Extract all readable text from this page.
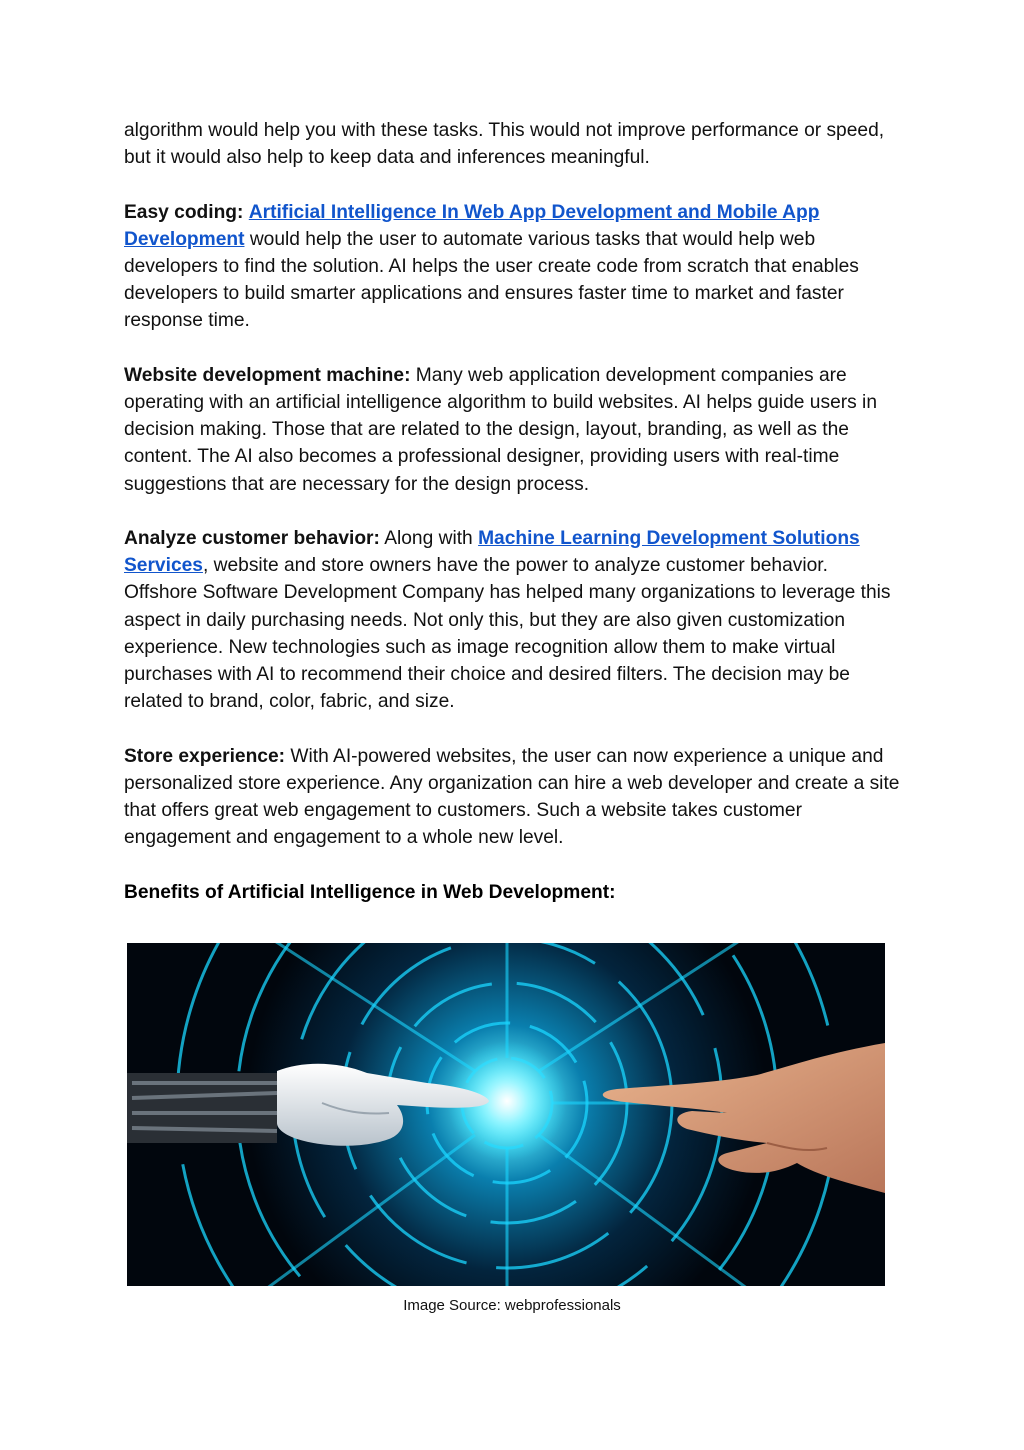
algorithm would help you with these tasks. This would not improve performance or speed, but it would also help to keep data and inferences meaningful.

Easy coding: Artificial Intelligence In Web App Development and Mobile App Development would help the user to automate various tasks that would help web developers to find the solution. AI helps the user create code from scratch that enables developers to build smarter applications and ensures faster time to market and faster response time.

Website development machine: Many web application development companies are operating with an artificial intelligence algorithm to build websites. AI helps guide users in decision making. Those that are related to the design, layout, branding, as well as the content. The AI also becomes a professional designer, providing users with real-time suggestions that are necessary for the design process.

Analyze customer behavior: Along with Machine Learning Development Solutions Services, website and store owners have the power to analyze customer behavior. Offshore Software Development Company has helped many organizations to leverage this aspect in daily purchasing needs. Not only this, but they are also given customization experience. New technologies such as image recognition allow them to make virtual purchases with AI to recommend their choice and desired filters. The decision may be related to brand, color, fabric, and size.

Store experience: With AI-powered websites, the user can now experience a unique and personalized store experience. Any organization can hire a web developer and create a site that offers great web engagement to customers. Such a website takes customer engagement and engagement to a whole new level.

Benefits of Artificial Intelligence in Web Development:
Image Source: webprofessionals
